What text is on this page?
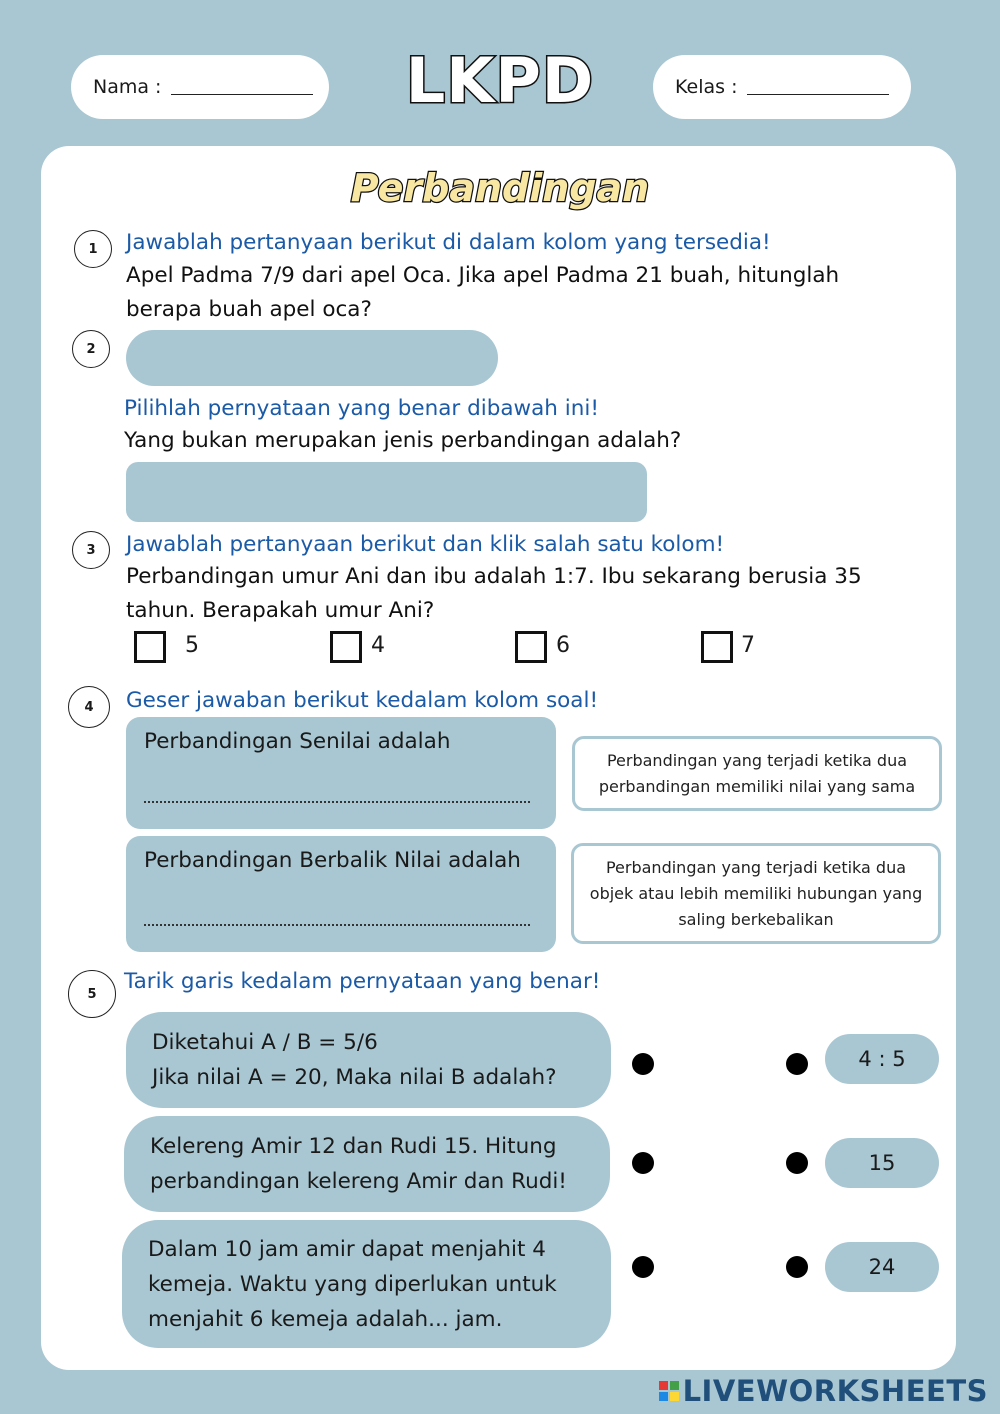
Nama :	LKPD	Kelas :
Perbandingan
1	Jawablah pertanyaan berikut di dalam kolom yang tersedia!
Apel Padma 7/9 dari apel Oca. Jika apel Padma 21 buah, hitunglah
berapa buah apel oca?
2
Pilihlah pernyataan yang benar dibawah ini!
Yang bukan merupakan jenis perbandingan adalah?
3	Jawablah pertanyaan berikut dan klik salah satu kolom!
Perbandingan umur Ani dan ibu adalah 1:7. Ibu sekarang berusia 35
tahun. Berapakah umur Ani?
5	4	6	7
4	Geser jawaban berikut kedalam kolom soal!
Perbandingan Senilai adalah
Perbandingan Berbalik Nilai adalah
Perbandingan yang terjadi ketika dua perbandingan memiliki nilai yang sama
Perbandingan yang terjadi ketika dua objek atau lebih memiliki hubungan yang saling berkebalikan
5	Tarik garis kedalam pernyataan yang benar!
Diketahui A / B = 5/6
Jika nilai A = 20, Maka nilai B adalah?
Kelereng Amir 12 dan Rudi 15. Hitung
perbandingan kelereng Amir dan Rudi!
Dalam 10 jam amir dapat menjahit 4
kemeja. Waktu yang diperlukan untuk
menjahit 6 kemeja adalah... jam.
4 : 5
15
24
LIVEWORKSHEETS
